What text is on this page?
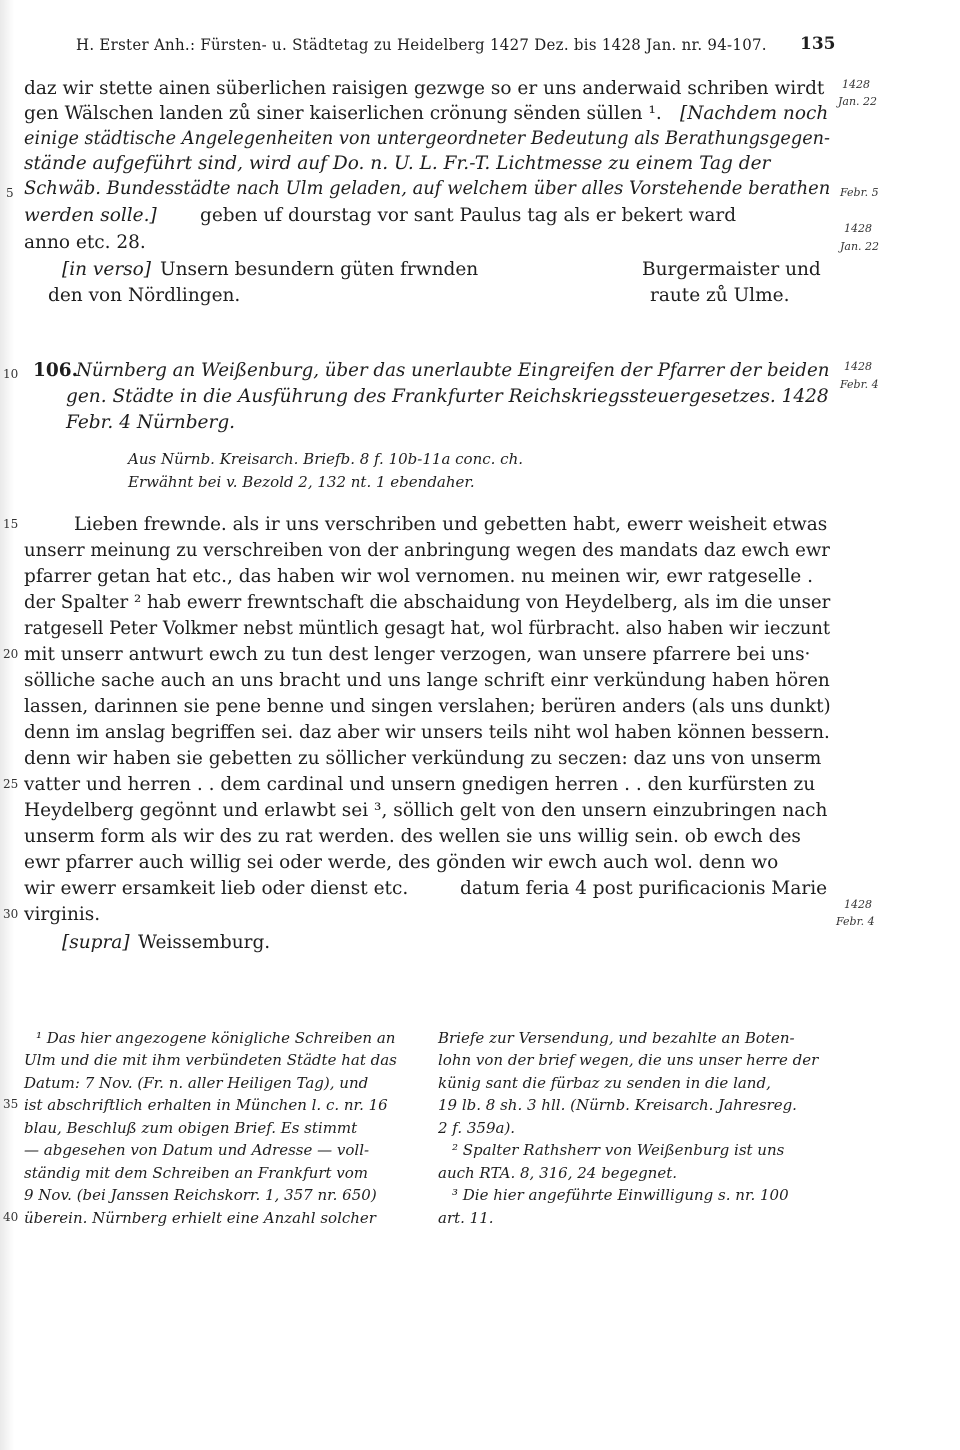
H. Erster Anh.: Fürsten- u. Städtetag zu Heidelberg 1427 Dez. bis 1428 Jan. nr. 94-107.	135
daz wir stette ainen süberlichen raisigen gezwge so er uns anderwaid schriben wirdt
gen Wälschen landen zů siner kaiserlichen crönung sënden süllen ¹. [Nachdem noch
einige städtische Angelegenheiten von untergeordneter Bedeutung als Berathungsgegen-
stände aufgeführt sind, wird auf Do. n. U. L. Fr.-T. Lichtmesse zu einem Tag der
Schwäb. Bundesstädte nach Ulm geladen, auf welchem über alles Vorstehende berathen
werden solle.] geben uf dourstag vor sant Paulus tag als er bekert ward
anno etc. 28.
[in verso] Unsern besundern güten frwnden	Burgermaister und
den von Nördlingen.	raute zů Ulme.
106.
Nürnberg an Weißenburg, über das unerlaubte Eingreifen der Pfarrer der beiden
gen. Städte in die Ausführung des Frankfurter Reichskriegssteuergesetzes. 1428
Febr. 4 Nürnberg.
Aus Nürnb. Kreisarch. Briefb. 8 f. 10b-11a conc. ch.
Erwähnt bei v. Bezold 2, 132 nt. 1 ebendaher.
Lieben frewnde. als ir uns verschriben und gebetten habt, ewerr weisheit etwas
unserr meinung zu verschreiben von der anbringung wegen des mandats daz ewch ewr
pfarrer getan hat etc., das haben wir wol vernomen. nu meinen wir, ewr ratgeselle .
der Spalter ² hab ewerr frewntschaft die abschaidung von Heydelberg, als im die unser
ratgesell Peter Volkmer nebst müntlich gesagt hat, wol fürbracht. also haben wir ieczunt
mit unserr antwurt ewch zu tun dest lenger verzogen, wan unsere pfarrere bei uns·
sölliche sache auch an uns bracht und uns lange schrift einr verkündung haben hören
lassen, darinnen sie pene benne und singen verslahen; berüren anders (als uns dunkt)
denn im anslag begriffen sei. daz aber wir unsers teils niht wol haben können bessern.
denn wir haben sie gebetten zu söllicher verkündung zu seczen: daz uns von unserm
vatter und herren . . dem cardinal und unsern gnedigen herren . . den kurfürsten zu
Heydelberg gegönnt und erlawbt sei ³, söllich gelt von den unsern einzubringen nach
unserm form als wir des zu rat werden. des wellen sie uns willig sein. ob ewch des
ewr pfarrer auch willig sei oder werde, des gönden wir ewch auch wol. denn wo
wir ewerr ersamkeit lieb oder dienst etc.	datum feria 4 post purificacionis Marie
virginis.
[supra] Weissemburg.
1428
Jan. 22
Febr. 5
1428
Jan. 22
1428
Febr. 4
1428
Febr. 4
5
10
15
20
25
30
35
40
¹ Das hier angezogene königliche Schreiben an
Ulm und die mit ihm verbündeten Städte hat das
Datum: 7 Nov. (Fr. n. aller Heiligen Tag), und
ist abschriftlich erhalten in München l. c. nr. 16
blau, Beschluß zum obigen Brief. Es stimmt
— abgesehen von Datum und Adresse — voll-
ständig mit dem Schreiben an Frankfurt vom
9 Nov. (bei Janssen Reichskorr. 1, 357 nr. 650)
überein. Nürnberg erhielt eine Anzahl solcher
Briefe zur Versendung, und bezahlte an Boten-
lohn von der brief wegen, die uns unser herre der
künig sant die fürbaz zu senden in die land,
19 lb. 8 sh. 3 hll. (Nürnb. Kreisarch. Jahresreg.
2 f. 359a).
² Spalter Rathsherr von Weißenburg ist uns
auch RTA. 8, 316, 24 begegnet.
³ Die hier angeführte Einwilligung s. nr. 100
art. 11.
